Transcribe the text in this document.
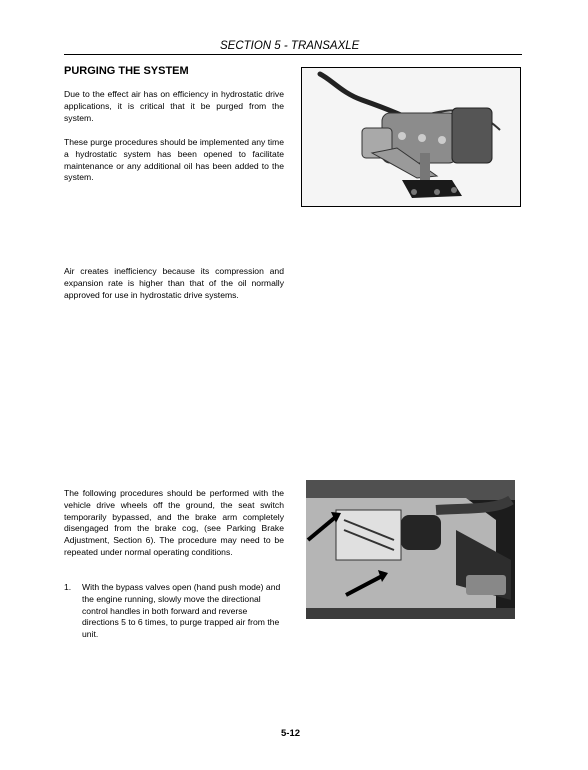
SECTION 5 - TRANSAXLE
PURGING THE SYSTEM
Due to the effect air has on efficiency in hydrostatic drive applications, it is critical that it be purged from the system.
These purge procedures should be implemented any time a hydrostatic system has been opened to facilitate maintenance or any additional oil has been added to the system.
Air creates inefficiency because its compression and expansion rate is higher than that of the oil normally approved for use in hydrostatic drive systems.
The following procedures should be performed with the vehicle drive wheels off the ground, the seat switch temporarily bypassed, and the brake arm completely disengaged from the brake cog, (see Parking Brake Adjustment, Section 6). The procedure may need to be repeated under normal operating conditions.
1. With the bypass valves open (hand push mode) and the engine running, slowly move the directional control handles in both forward and reverse directions 5 to 6 times, to purge trapped air from the unit.
5-12
